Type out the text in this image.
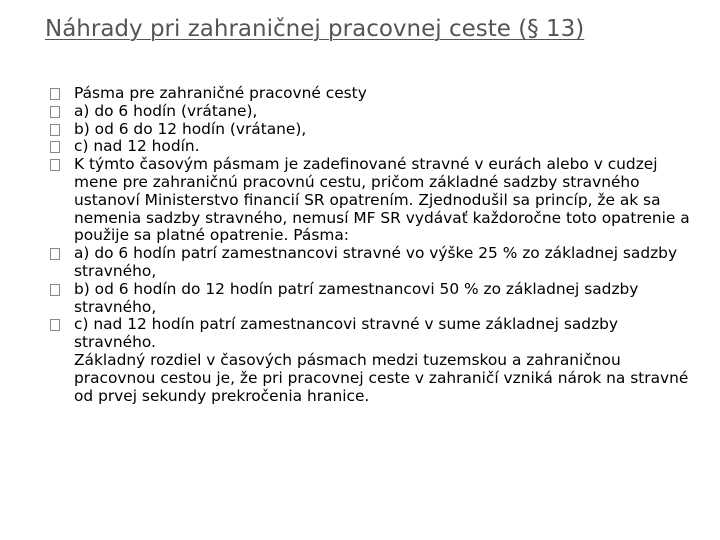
Náhrady pri zahraničnej pracovnej ceste (§ 13)
Pásma pre zahraničné pracovné cesty
a) do 6 hodín (vrátane),
b) od 6 do 12 hodín (vrátane),
c) nad 12 hodín.
K týmto časovým pásmam je zadefinované stravné v eurách alebo v cudzej mene pre zahraničnú pracovnú cestu, pričom základné sadzby stravného ustanoví Ministerstvo financií SR opatrením. Zjednodušil sa princíp, že ak sa nemenia sadzby stravného, nemusí MF SR vydávať každoročne toto opatrenie a použije sa platné opatrenie. Pásma:
a) do 6 hodín patrí zamestnancovi stravné vo výške 25 % zo základnej sadzby stravného,
b) od 6 hodín do 12 hodín patrí zamestnancovi 50 % zo základnej sadzby stravného,
c) nad 12 hodín patrí zamestnancovi stravné v sume základnej sadzby stravného.
Základný rozdiel v časových pásmach medzi tuzemskou a zahraničnou pracovnou cestou je, že pri pracovnej ceste v zahraničí vzniká nárok na stravné od prvej sekundy prekročenia hranice.
